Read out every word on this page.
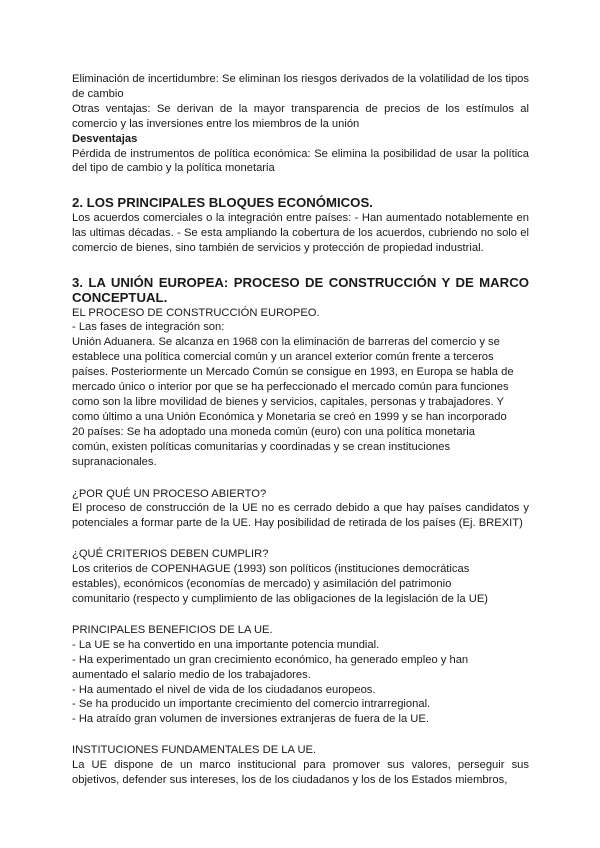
Eliminación de incertidumbre: Se eliminan los riesgos derivados de la volatilidad de los tipos de cambio

Otras ventajas: Se derivan de la mayor transparencia de precios de los estímulos al comercio y las inversiones entre los miembros de la unión

Desventajas

Pérdida de instrumentos de política económica: Se elimina la posibilidad de usar la política del tipo de cambio y la política monetaria

2. LOS PRINCIPALES BLOQUES ECONÓMICOS.

Los acuerdos comerciales o la integración entre países: - Han aumentado notablemente en las ultimas décadas. - Se esta ampliando la cobertura de los acuerdos, cubriendo no solo el comercio de bienes, sino también de servicios y protección de propiedad industrial.

3. LA UNIÓN EUROPEA: PROCESO DE CONSTRUCCIÓN Y DE MARCO CONCEPTUAL.

EL PROCESO DE CONSTRUCCIÓN EUROPEO.

- Las fases de integración son:

Unión Aduanera. Se alcanza en 1968 con la eliminación de barreras del comercio y se

establece una política comercial común y un arancel exterior común frente a terceros

países. Posteriormente un Mercado Común se consigue en 1993, en Europa se habla de

mercado único o interior por que se ha perfeccionado el mercado común para funciones

como son la libre movilidad de bienes y servicios, capitales, personas y trabajadores. Y

como último a una Unión Económica y Monetaria se creó en 1999 y se han incorporado

20 países: Se ha adoptado una moneda común (euro) con una política monetaria

común, existen políticas comunitarias y coordinadas y se crean instituciones

supranacionales.

¿POR QUÉ UN PROCESO ABIERTO?

El proceso de construcción de la UE no es cerrado debido a que hay países candidatos y potenciales a formar parte de la UE. Hay posibilidad de retirada de los países (Ej. BREXIT)

¿QUÉ CRITERIOS DEBEN CUMPLIR?

Los criterios de COPENHAGUE (1993) son políticos (instituciones democráticas

estables), económicos (economías de mercado) y asimilación del patrimonio

comunitario (respecto y cumplimiento de las obligaciones de la legislación de la UE)

PRINCIPALES BENEFICIOS DE LA UE.

- La UE se ha convertido en una importante potencia mundial.

- Ha experimentado un gran crecimiento económico, ha generado empleo y han

aumentado el salario medio de los trabajadores.

- Ha aumentado el nivel de vida de los ciudadanos europeos.

- Se ha producido un importante crecimiento del comercio intrarregional.

- Ha atraído gran volumen de inversiones extranjeras de fuera de la UE.

INSTITUCIONES FUNDAMENTALES DE LA UE.

La UE dispone de un marco institucional para promover sus valores, perseguir sus objetivos, defender sus intereses, los de los ciudadanos y los de los Estados miembros,
